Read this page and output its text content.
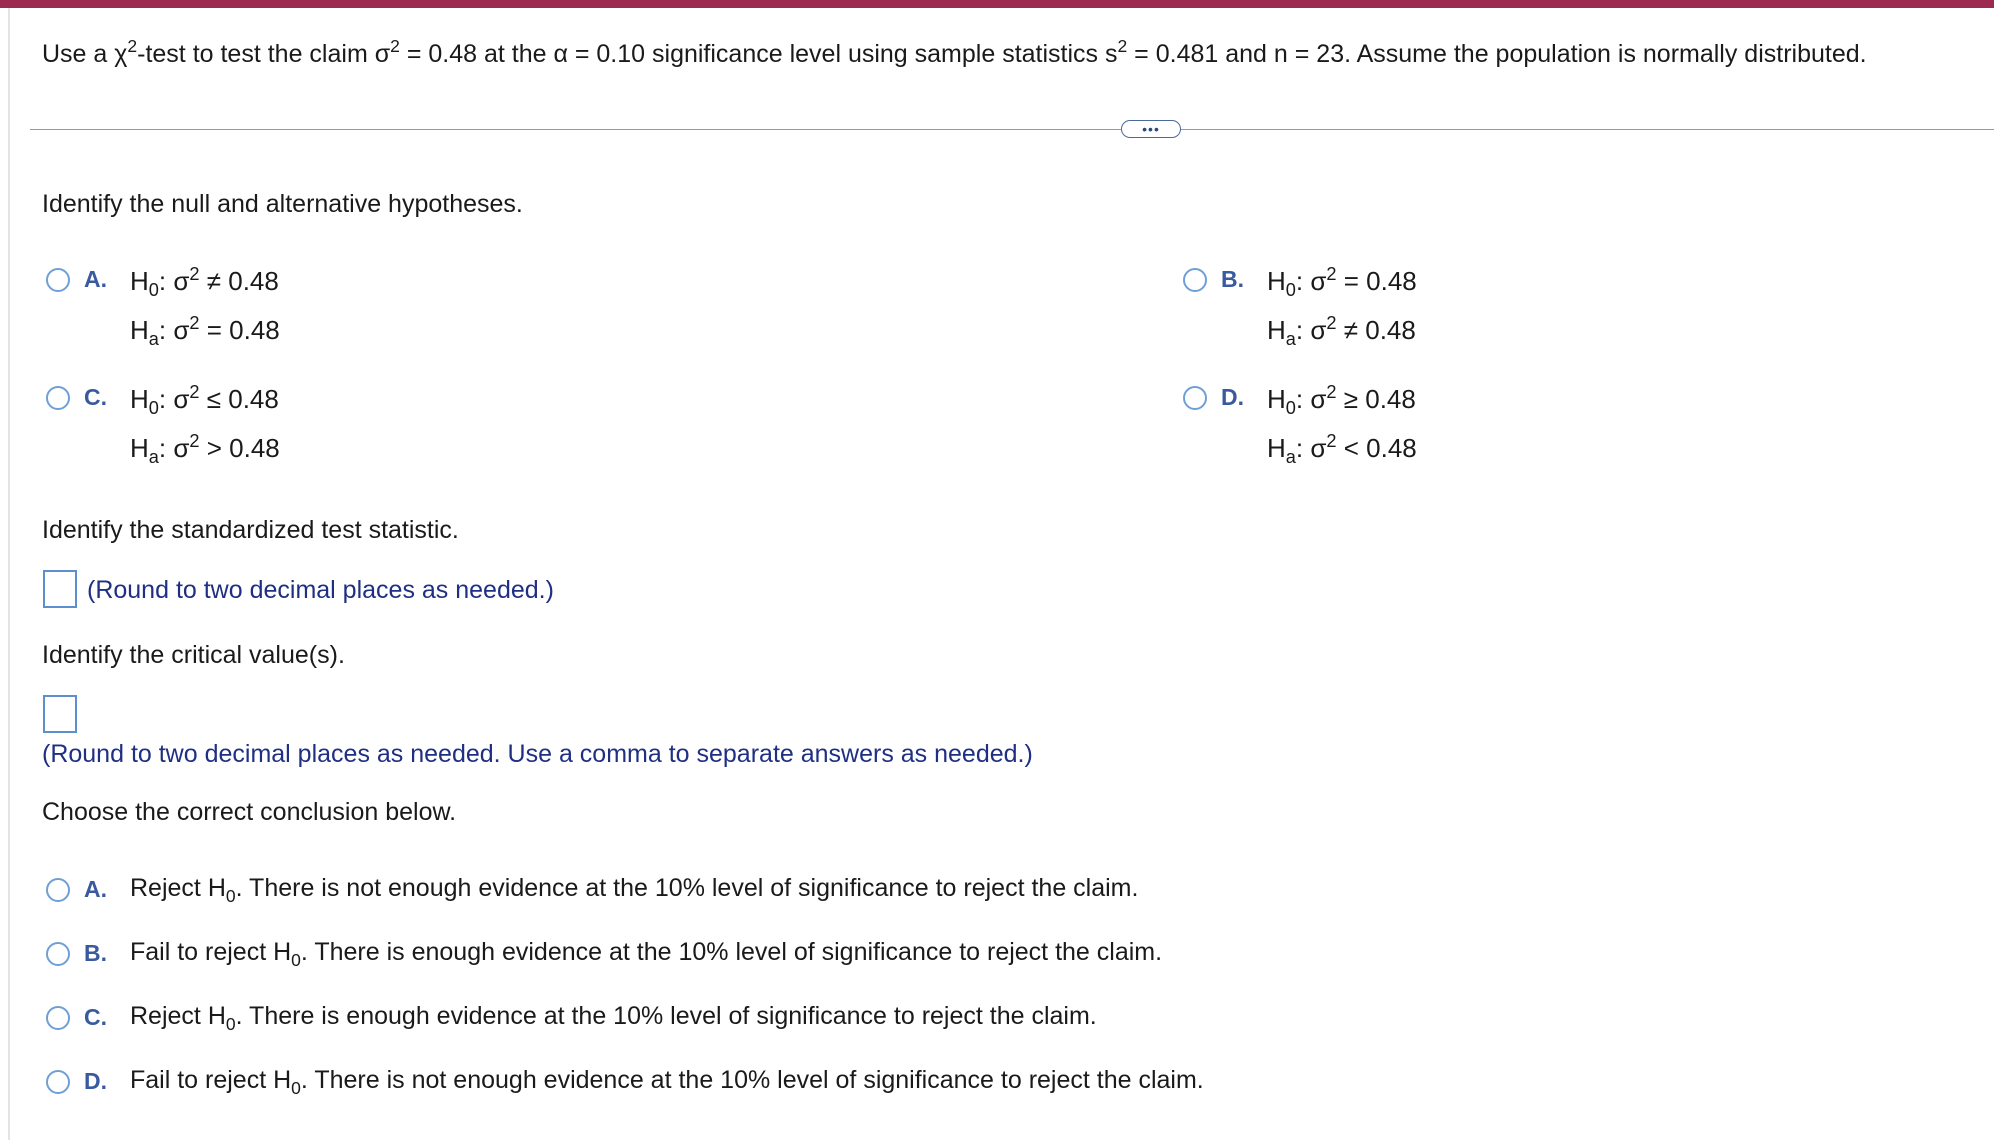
Use a $\chi^2$-test to test the claim $\sigma^2 = 0.48$ at the α = 0.10 significance level using sample statistics $s^2 = 0.481$ and n = 23. Assume the population is normally distributed.
•••
Identify the null and alternative hypotheses.
A. $H_0$: $\sigma^2 \ne 0.48$
$H_a$: $\sigma^2 = 0.48$
B. $H_0$: $\sigma^2 = 0.48$
$H_a$: $\sigma^2 \ne 0.48$
C. $H_0$: $\sigma^2 \le 0.48$
$H_a$: $\sigma^2 > 0.48$
D. $H_0$: $\sigma^2 \ge 0.48$
$H_a$: $\sigma^2 < 0.48$
Identify the standardized test statistic.
(Round to two decimal places as needed.)
Identify the critical value(s).
(Round to two decimal places as needed. Use a comma to separate answers as needed.)
Choose the correct conclusion below.
A. Reject $H_0$. There is not enough evidence at the 10% level of significance to reject the claim.
B. Fail to reject $H_0$. There is enough evidence at the 10% level of significance to reject the claim.
C. Reject $H_0$. There is enough evidence at the 10% level of significance to reject the claim.
D. Fail to reject $H_0$. There is not enough evidence at the 10% level of significance to reject the claim.
